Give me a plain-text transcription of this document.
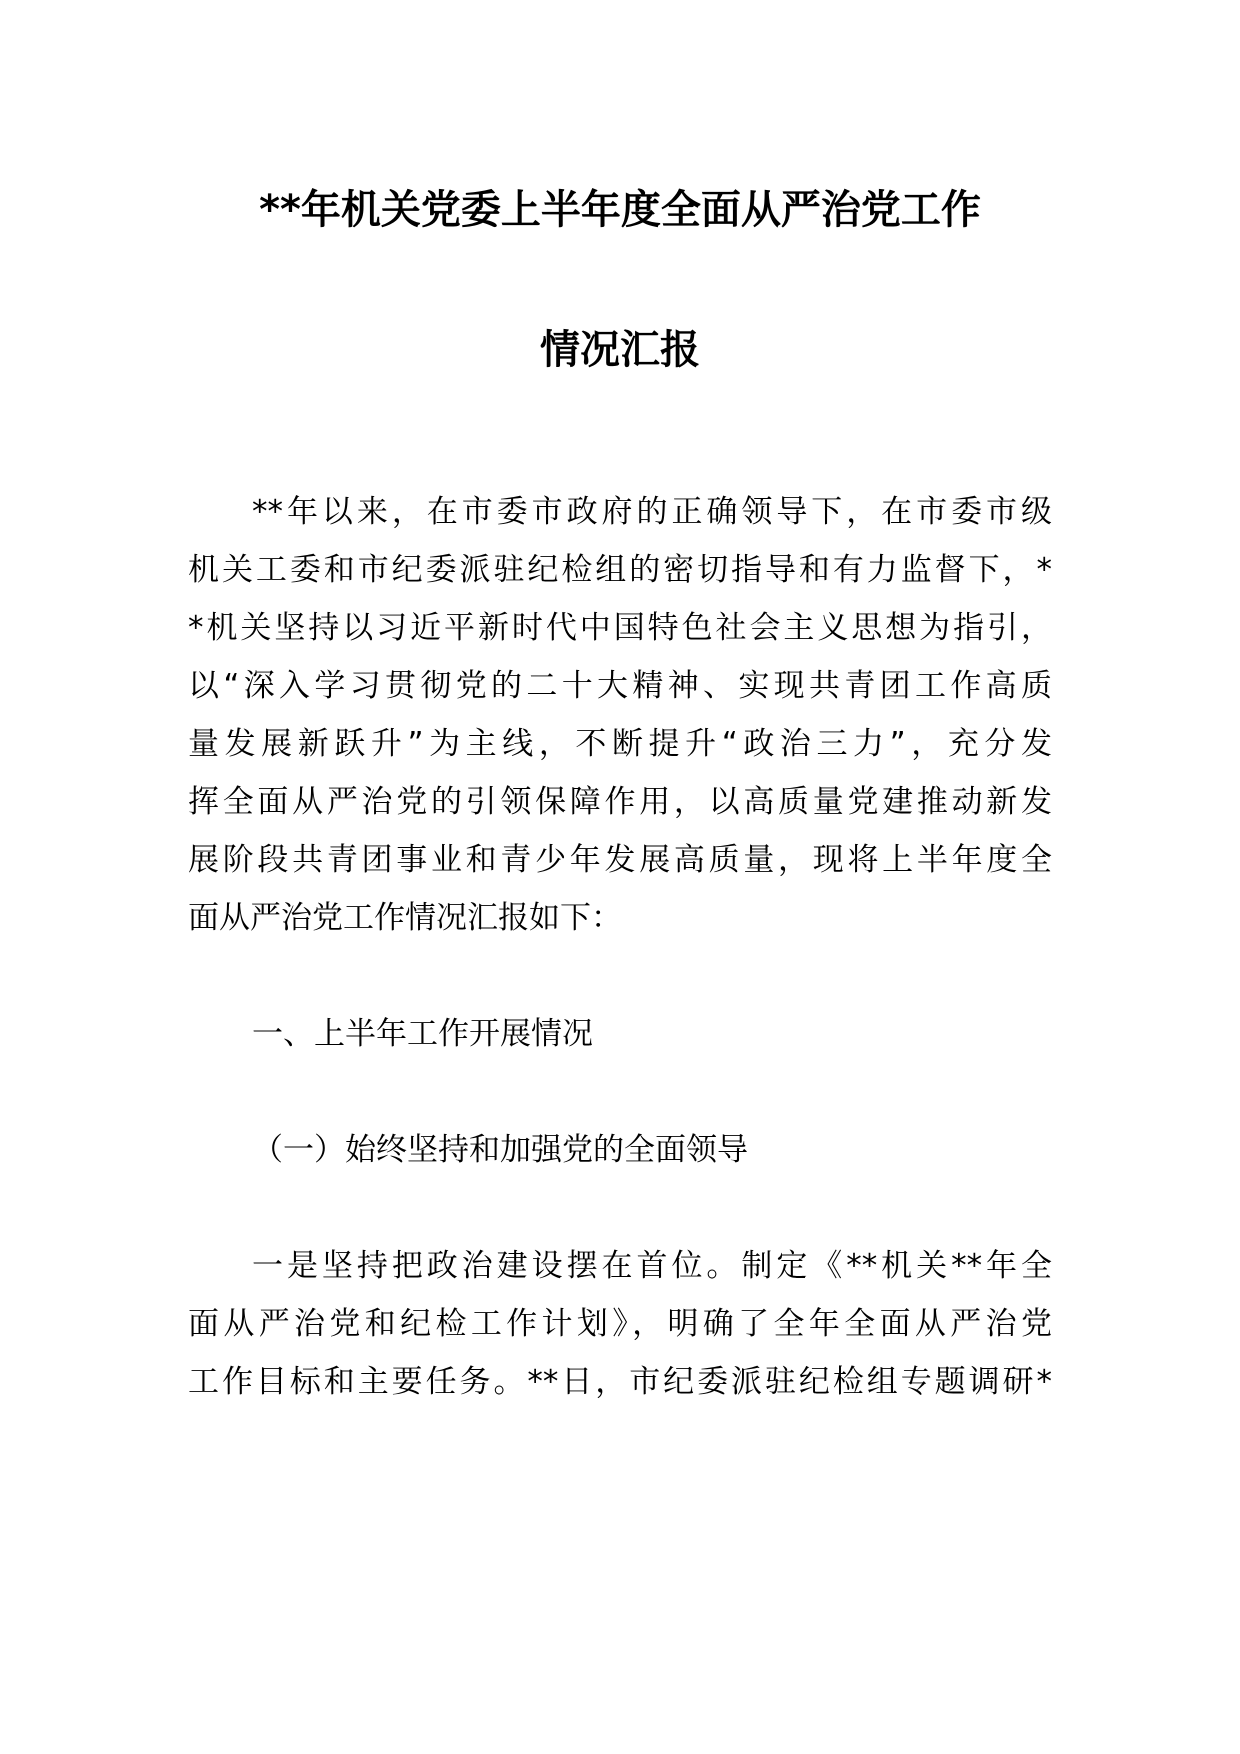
**年机关党委上半年度全面从严治党工作
情况汇报
**年以来，在市委市政府的正确领导下，在市委市级
机关工委和市纪委派驻纪检组的密切指导和有力监督下，*
*机关坚持以习近平新时代中国特色社会主义思想为指引，
以“深入学习贯彻党的二十大精神、实现共青团工作高质
量发展新跃升”为主线，不断提升“政治三力”，充分发
挥全面从严治党的引领保障作用，以高质量党建推动新发
展阶段共青团事业和青少年发展高质量，现将上半年度全
面从严治党工作情况汇报如下：
一、上半年工作开展情况
（一）始终坚持和加强党的全面领导
一是坚持把政治建设摆在首位。制定《**机关**年全
面从严治党和纪检工作计划》，明确了全年全面从严治党
工作目标和主要任务。**日，市纪委派驻纪检组专题调研*
